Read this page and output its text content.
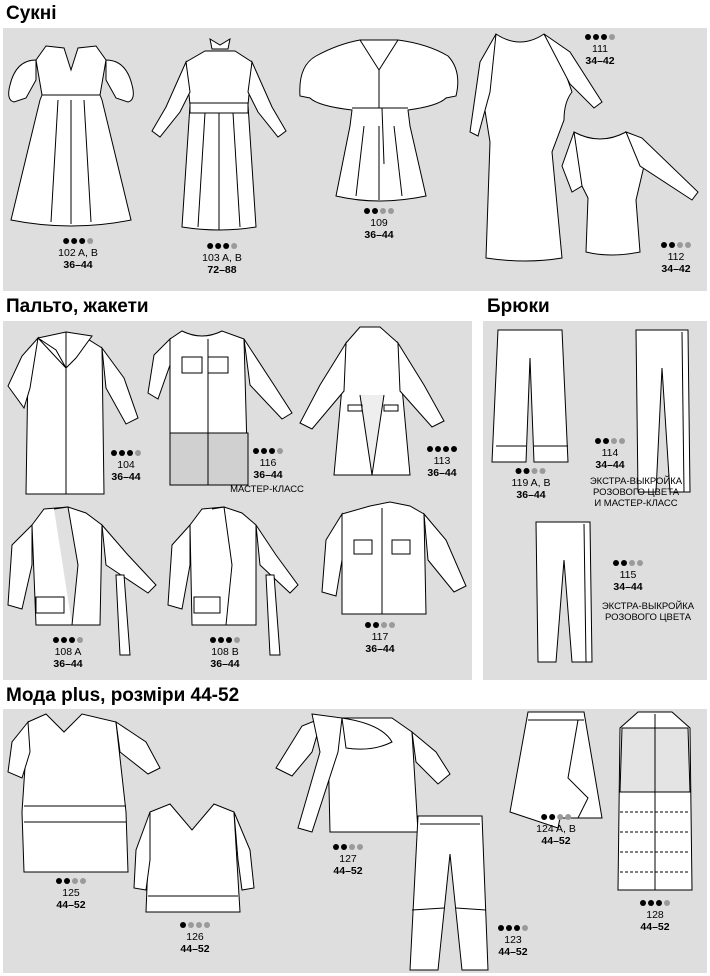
Сукні
Пальто, жакети	Брюки
Мода plus, розміри 44-52
102 A, B
36–44
103 A, B
72–88
109
36–44
111
34–42
112
34–42
104
36–44
116
36–44
МАСТЕР-КЛАСС
113
36–44
108 A
36–44
108 B
36–44
117
36–44
119 A, B
36–44
114
34–44
ЭКСТРА-ВЫКРОЙКА
РОЗОВОГО ЦВЕТА
И МАСТЕР-КЛАСС
115
34–44
ЭКСТРА-ВЫКРОЙКА
РОЗОВОГО ЦВЕТА
125
44–52
126
44–52
127
44–52
123
44–52
124 A, B
44–52
128
44–52
